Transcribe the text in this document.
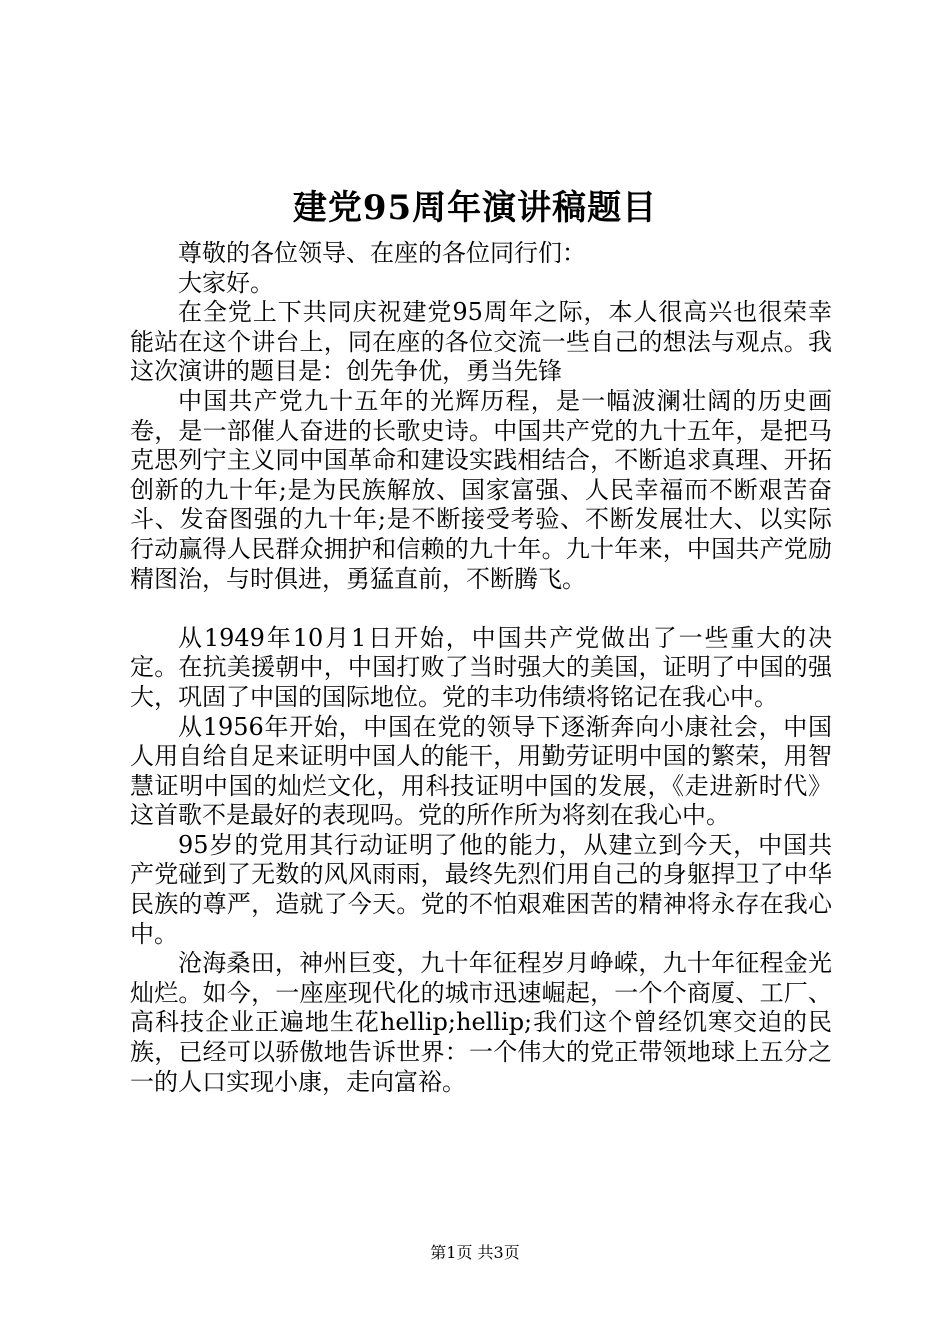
建党95周年演讲稿题目

尊敬的各位领导、在座的各位同行们：

大家好。

在全党上下共同庆祝建党95周年之际，本人很高兴也很荣幸能站在这个讲台上，同在座的各位交流一些自己的想法与观点。我这次演讲的题目是：创先争优，勇当先锋

中国共产党九十五年的光辉历程，是一幅波澜壮阔的历史画卷，是一部催人奋进的长歌史诗。中国共产党的九十五年，是把马克思列宁主义同中国革命和建设实践相结合，不断追求真理、开拓创新的九十年;是为民族解放、国家富强、人民幸福而不断艰苦奋斗、发奋图强的九十年;是不断接受考验、不断发展壮大、以实际行动赢得人民群众拥护和信赖的九十年。九十年来，中国共产党励精图治，与时俱进，勇猛直前，不断腾飞。

从1949年10月1日开始，中国共产党做出了一些重大的决定。在抗美援朝中，中国打败了当时强大的美国，证明了中国的强大，巩固了中国的国际地位。党的丰功伟绩将铭记在我心中。

从1956年开始，中国在党的领导下逐渐奔向小康社会，中国人用自给自足来证明中国人的能干，用勤劳证明中国的繁荣，用智慧证明中国的灿烂文化，用科技证明中国的发展，《走进新时代》这首歌不是最好的表现吗。党的所作所为将刻在我心中。

95岁的党用其行动证明了他的能力，从建立到今天，中国共产党碰到了无数的风风雨雨，最终先烈们用自己的身躯捍卫了中华民族的尊严，造就了今天。党的不怕艰难困苦的精神将永存在我心中。

沧海桑田，神州巨变，九十年征程岁月峥嵘，九十年征程金光灿烂。如今，一座座现代化的城市迅速崛起，一个个商厦、工厂、高科技企业正遍地生花hellip;hellip;我们这个曾经饥寒交迫的民族，已经可以骄傲地告诉世界：一个伟大的党正带领地球上五分之一的人口实现小康，走向富裕。

第1页 共3页
